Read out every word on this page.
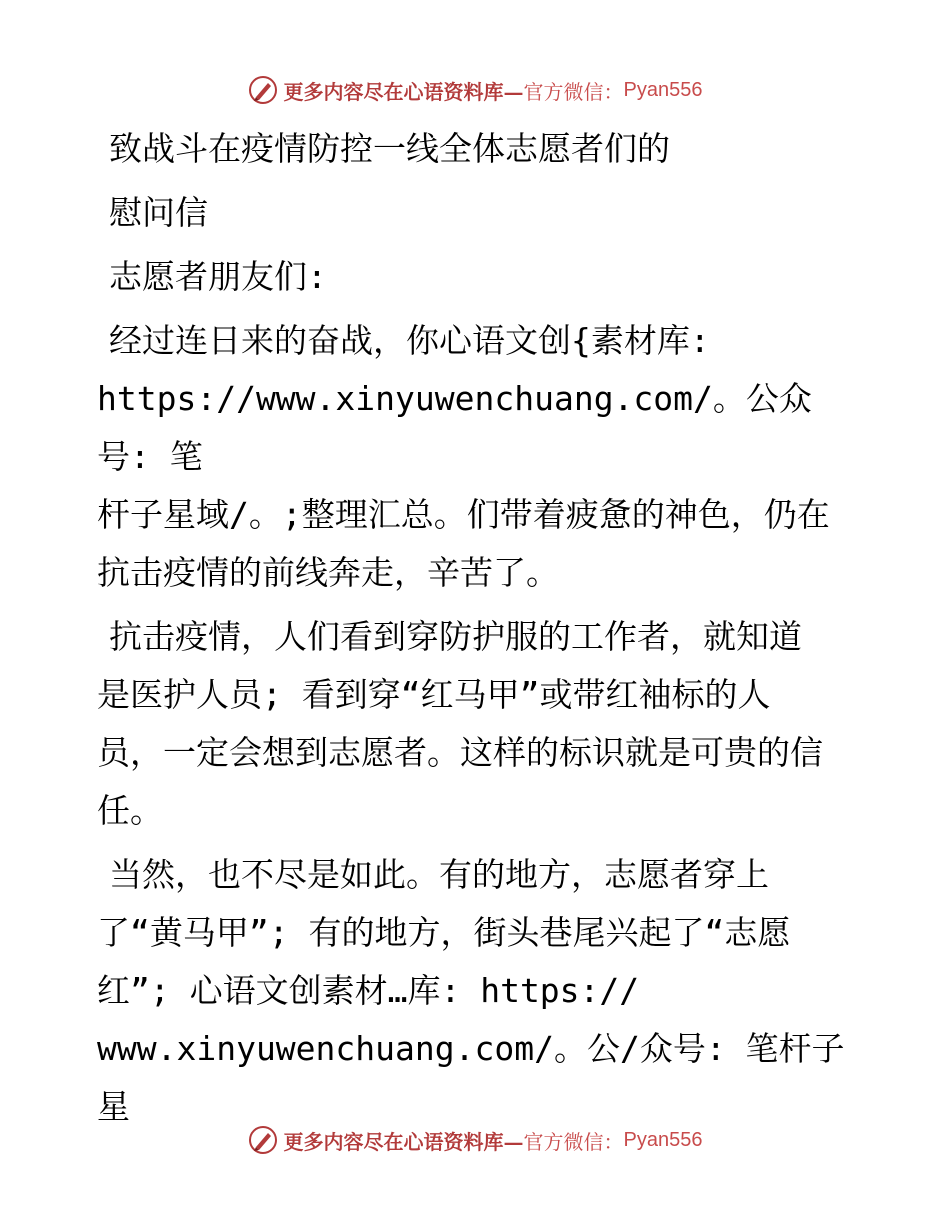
更多内容尽在心语资料库— 官方微信： Pyan556

致战斗在疫情防控一线全体志愿者们的

慰问信

志愿者朋友们:

经过连日来的奋战，你心语文创{素材库:
https://www.xinyuwenchuang.com/。公众号: 笔
杆子星域/。;整理汇总。们带着疲惫的神色，仍在
抗击疫情的前线奔走，辛苦了。

抗击疫情，人们看到穿防护服的工作者，就知道
是医护人员; 看到穿“红马甲”或带红袖标的人
员，一定会想到志愿者。这样的标识就是可贵的信
任。

当然，也不尽是如此。有的地方，志愿者穿上
了“黄马甲”; 有的地方，街头巷尾兴起了“志愿
红”; 心语文创素材…库: https://
www.xinyuwenchuang.com/。公/众号: 笔杆子星

更多内容尽在心语资料库— 官方微信： Pyan556
